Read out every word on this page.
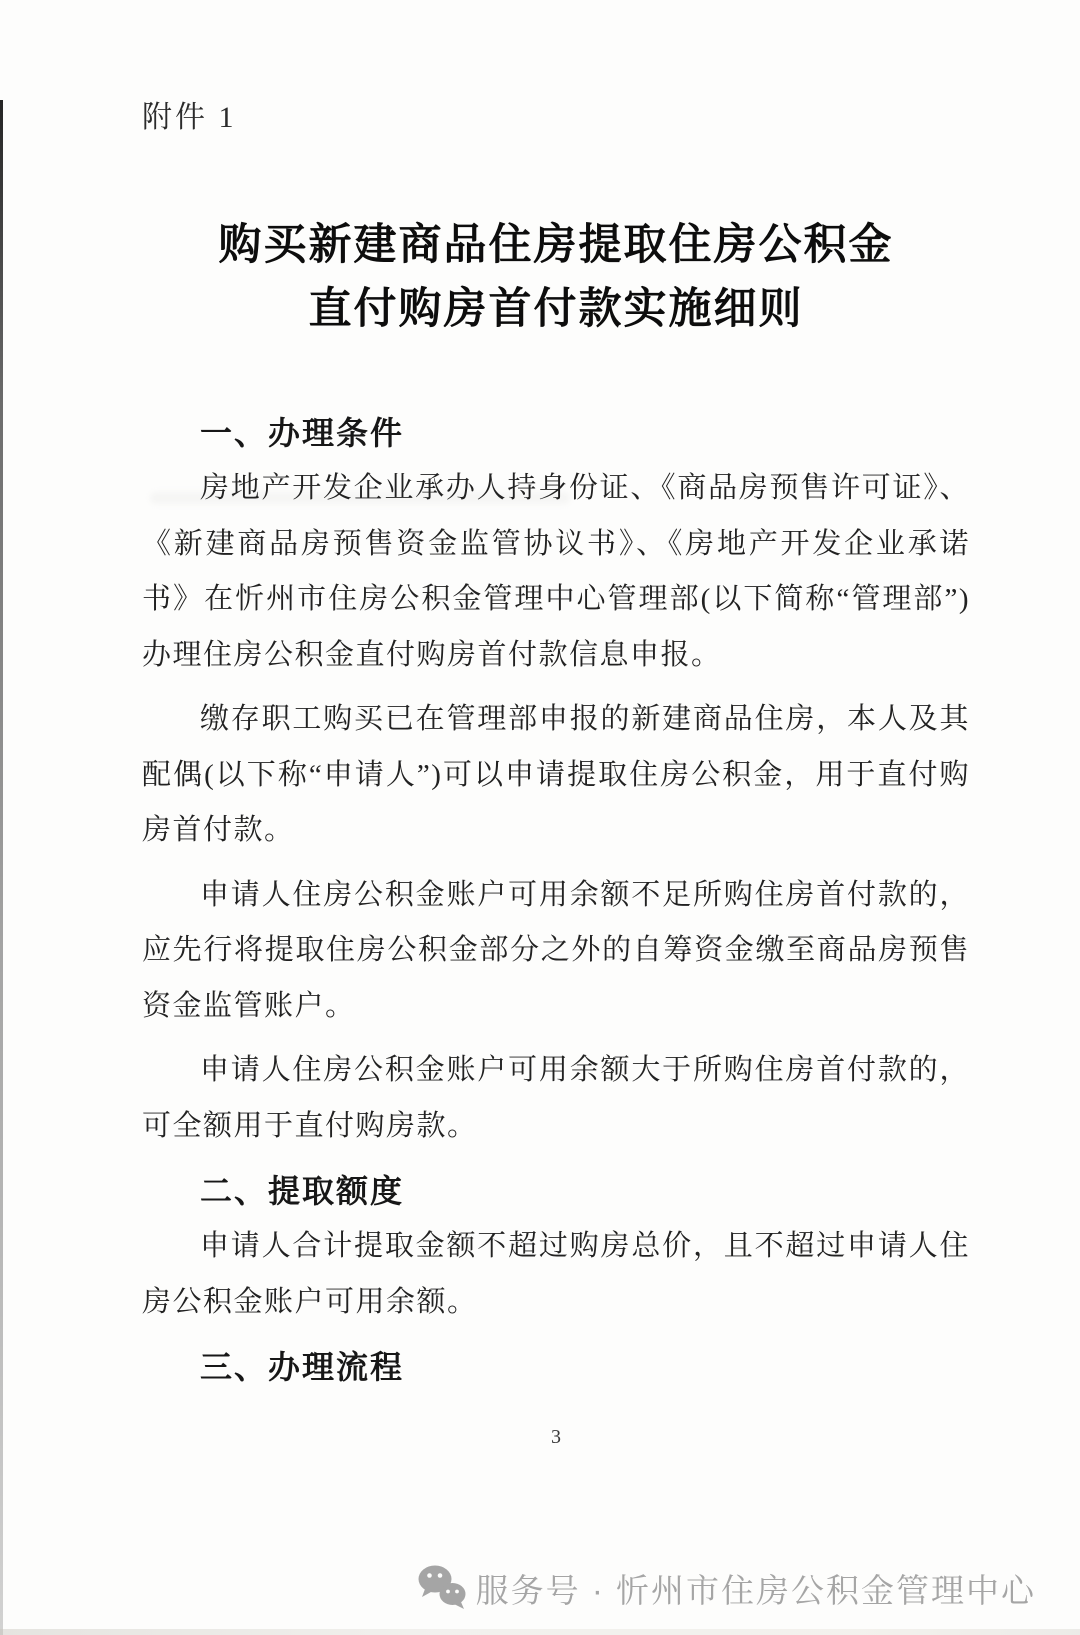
附件 1
购买新建商品住房提取住房公积金
直付购房首付款实施细则
一、办理条件

房地产开发企业承办人持身份证、《商品房预售许可证》、《新建商品房预售资金监管协议书》、《房地产开发企业承诺书》在忻州市住房公积金管理中心管理部(以下简称“管理部”)办理住房公积金直付购房首付款信息申报。

缴存职工购买已在管理部申报的新建商品住房，本人及其配偶(以下称“申请人”)可以申请提取住房公积金，用于直付购房首付款。

申请人住房公积金账户可用余额不足所购住房首付款的，应先行将提取住房公积金部分之外的自筹资金缴至商品房预售资金监管账户。

申请人住房公积金账户可用余额大于所购住房首付款的，可全额用于直付购房款。

二、提取额度

申请人合计提取金额不超过购房总价，且不超过申请人住房公积金账户可用余额。

三、办理流程
3
服务号 · 忻州市住房公积金管理中心
